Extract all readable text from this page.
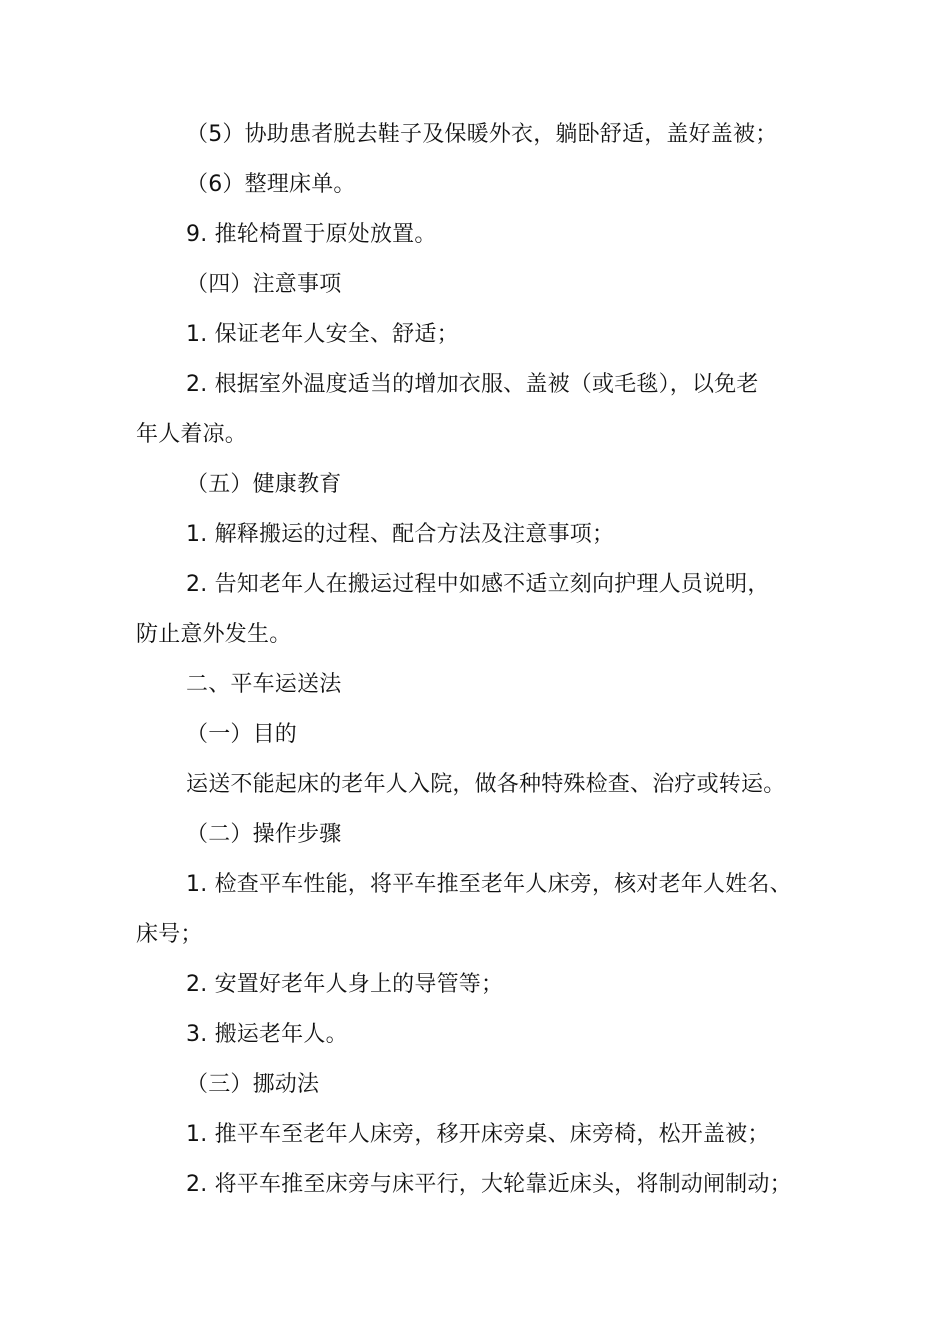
（5）协助患者脱去鞋子及保暖外衣，躺卧舒适，盖好盖被；
（6）整理床单。
9. 推轮椅置于原处放置。
（四）注意事项
1. 保证老年人安全、舒适；
2. 根据室外温度适当的增加衣服、盖被（或毛毯），以免老
年人着凉。
（五）健康教育
1. 解释搬运的过程、配合方法及注意事项；
2. 告知老年人在搬运过程中如感不适立刻向护理人员说明，
防止意外发生。
二、平车运送法
（一）目的
运送不能起床的老年人入院，做各种特殊检查、治疗或转运。
（二）操作步骤
1. 检查平车性能，将平车推至老年人床旁，核对老年人姓名、
床号；
2. 安置好老年人身上的导管等；
3. 搬运老年人。
（三）挪动法
1. 推平车至老年人床旁，移开床旁桌、床旁椅，松开盖被；
2. 将平车推至床旁与床平行，大轮靠近床头，将制动闸制动；
